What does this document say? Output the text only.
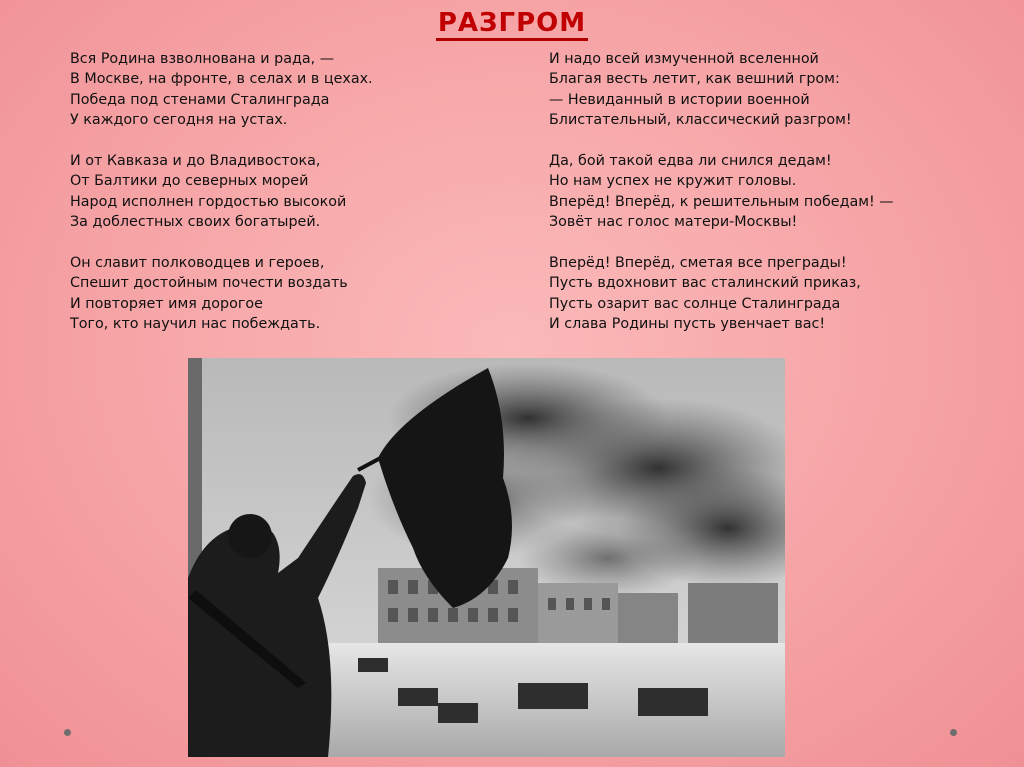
РАЗГРОМ
Вся Родина взволнована и рада, —
В Москве, на фронте, в селах и в цехах.
Победа под стенами Сталинграда
У каждого сегодня на устах.
И от Кавказа и до Владивостока,
От Балтики до северных морей
Народ исполнен гордостью высокой
За доблестных своих богатырей.
Он славит полководцев и героев,
Спешит достойным почести воздать
И повторяет имя дорогое
Того, кто научил нас побеждать.
И надо всей измученной вселенной
Благая весть летит, как вешний гром:
— Невиданный в истории военной
Блистательный, классический разгром!
Да, бой такой едва ли снился дедам!
Но нам успех не кружит головы.
Вперёд! Вперёд, к решительным победам! —
Зовёт нас голос матери-Москвы!
Вперёд! Вперёд, сметая все преграды!
Пусть вдохновит вас сталинский приказ,
Пусть озарит вас солнце Сталинграда
И слава Родины пусть увенчает вас!
